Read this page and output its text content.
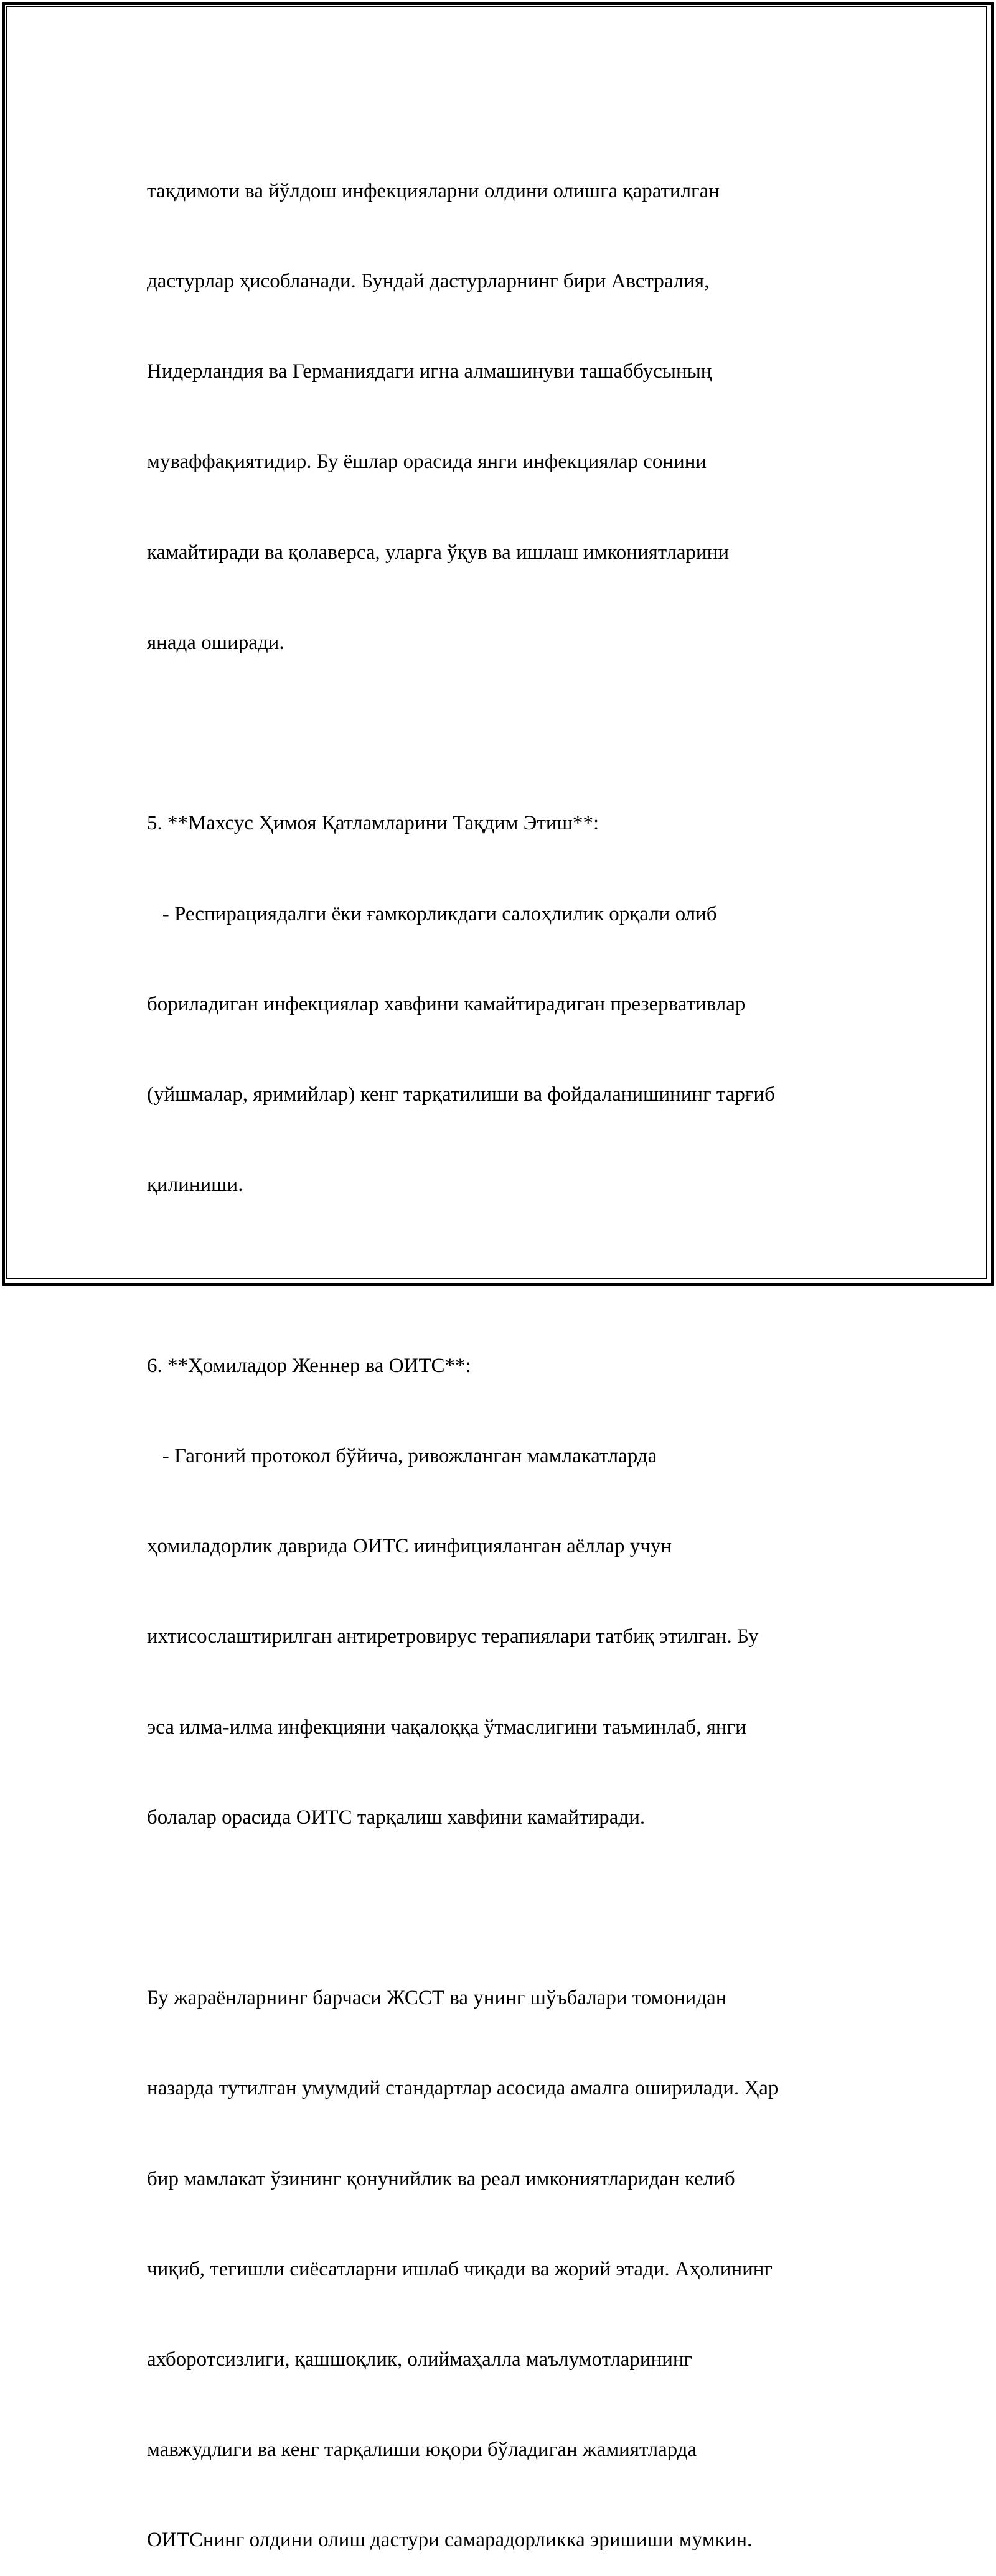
тақдимоти ва йўлдош инфекцияларни олдини олишга қаратилган

дастурлар ҳисобланади. Бундай дастурларнинг бири Австралия,

Нидерландия ва Германиядаги игна алмашинуви ташаббусының

муваффақиятидир. Бу ёшлар орасида янги инфекциялар сонини

камайтиради ва қолаверса, уларга ўқув ва ишлаш имкониятларини

янада оширади.

5. **Махсус Ҳимоя Қатламларини Тақдим Этиш**:

- Респирациядалги ёки ғамкорликдаги салоҳлилик орқали олиб

бориладиган инфекциялар хавфини камайтирадиган презервативлар

(уйшмалар, яримийлар) кенг тарқатилиши ва фойдаланишининг тарғиб

қилиниши.

6. **Ҳомиладор Женнер ва ОИТС**:

- Гагоний протокол бўйича, ривожланган мамлакатларда

ҳомиладорлик даврида ОИТС иинфицияланган аёллар учун

ихтисослаштирилган антиретровирус терапиялари татбиқ этилган. Бу

эса илма-илма инфекцияни чақалоққа ўтмаслигини таъминлаб, янги

болалар орасида ОИТС тарқалиш хавфини камайтиради.

Бу жараёнларнинг барчаси ЖССТ ва унинг шўъбалари томонидан

назарда тутилган умумдий стандартлар асосида амалга оширилади. Ҳар

бир мамлакат ўзининг қонунийлик ва реал имкониятларидан келиб

чиқиб, тегишли сиёсатларни ишлаб чиқади ва жорий этади. Аҳолининг

ахборотсизлиги, қашшоқлик, олиймаҳалла маълумотларининг

мавжудлиги ва кенг тарқалиши юқори бўладиган жамиятларда

ОИТСнинг олдини олиш дастури самарадорликка эришиши мумкин.
